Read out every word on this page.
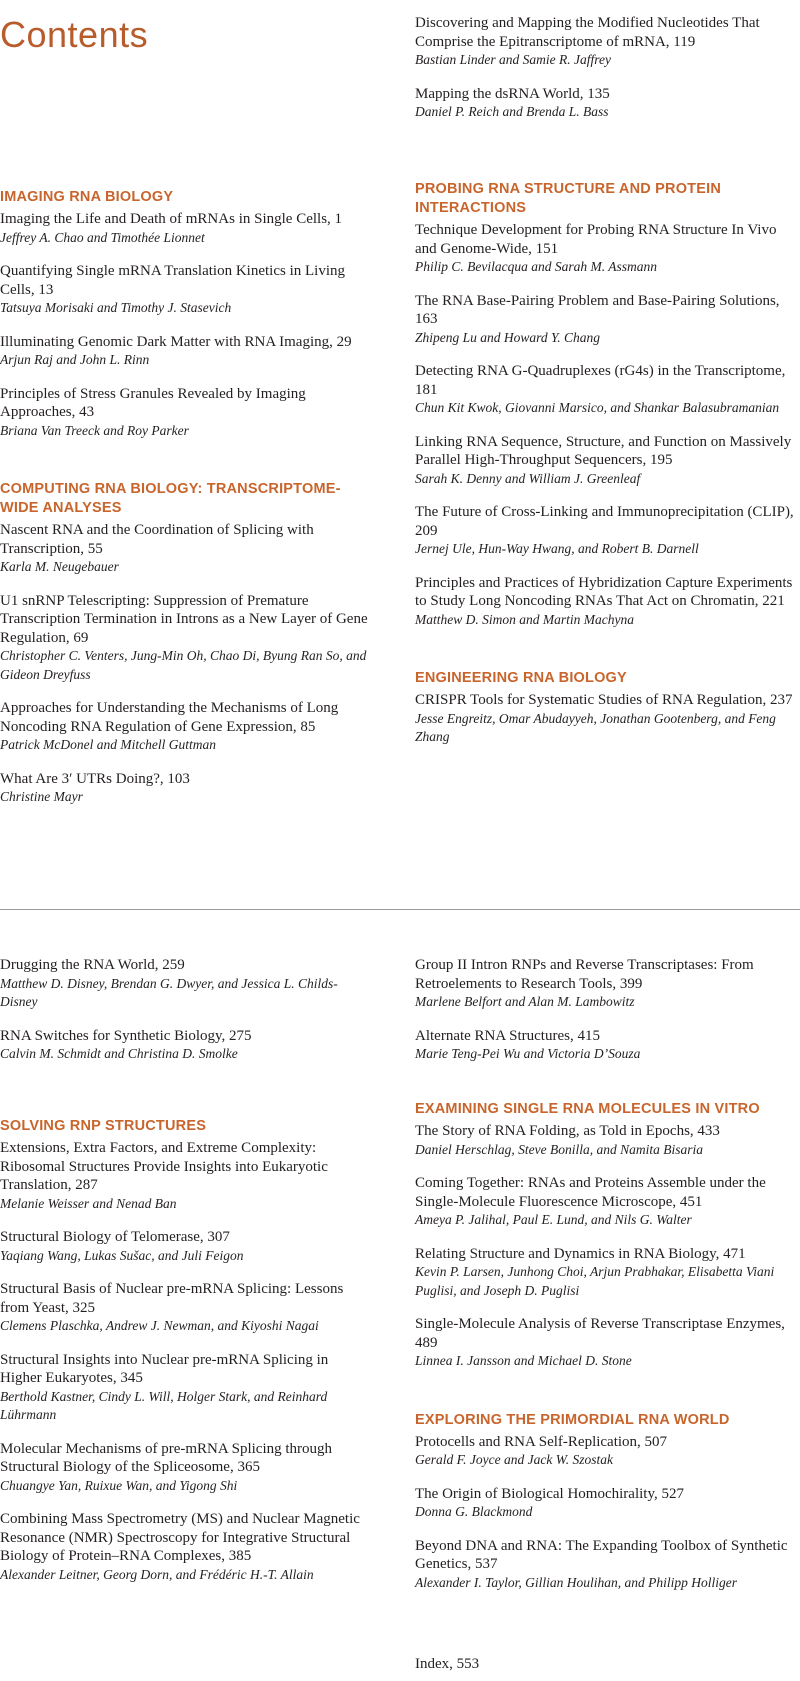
Contents	Discovering and Mapping the Modified Nucleotides That Comprise the Epitranscriptome of mRNA, 119
Bastian Linder and Samie R. Jaffrey
Mapping the dsRNA World, 135
Daniel P. Reich and Brenda L. Bass
IMAGING RNA BIOLOGY
Imaging the Life and Death of mRNAs in Single Cells, 1
Jeffrey A. Chao and Timothée Lionnet
Quantifying Single mRNA Translation Kinetics in Living Cells, 13
Tatsuya Morisaki and Timothy J. Stasevich
Illuminating Genomic Dark Matter with RNA Imaging, 29
Arjun Raj and John L. Rinn
Principles of Stress Granules Revealed by Imaging Approaches, 43
Briana Van Treeck and Roy Parker
COMPUTING RNA BIOLOGY: TRANSCRIPTOME-WIDE ANALYSES
Nascent RNA and the Coordination of Splicing with Transcription, 55
Karla M. Neugebauer
U1 snRNP Telescripting: Suppression of Premature Transcription Termination in Introns as a New Layer of Gene Regulation, 69
Christopher C. Venters, Jung-Min Oh, Chao Di, Byung Ran So, and Gideon Dreyfuss
Approaches for Understanding the Mechanisms of Long Noncoding RNA Regulation of Gene Expression, 85
Patrick McDonel and Mitchell Guttman
What Are 3′ UTRs Doing?, 103
Christine Mayr
PROBING RNA STRUCTURE AND PROTEIN INTERACTIONS
Technique Development for Probing RNA Structure In Vivo and Genome-Wide, 151
Philip C. Bevilacqua and Sarah M. Assmann
The RNA Base-Pairing Problem and Base-Pairing Solutions, 163
Zhipeng Lu and Howard Y. Chang
Detecting RNA G-Quadruplexes (rG4s) in the Transcriptome, 181
Chun Kit Kwok, Giovanni Marsico, and Shankar Balasubramanian
Linking RNA Sequence, Structure, and Function on Massively Parallel High-Throughput Sequencers, 195
Sarah K. Denny and William J. Greenleaf
The Future of Cross-Linking and Immunoprecipitation (CLIP), 209
Jernej Ule, Hun-Way Hwang, and Robert B. Darnell
Principles and Practices of Hybridization Capture Experiments to Study Long Noncoding RNAs That Act on Chromatin, 221
Matthew D. Simon and Martin Machyna
ENGINEERING RNA BIOLOGY
CRISPR Tools for Systematic Studies of RNA Regulation, 237
Jesse Engreitz, Omar Abudayyeh, Jonathan Gootenberg, and Feng Zhang
Drugging the RNA World, 259
Matthew D. Disney, Brendan G. Dwyer, and Jessica L. Childs-Disney
RNA Switches for Synthetic Biology, 275
Calvin M. Schmidt and Christina D. Smolke
SOLVING RNP STRUCTURES
Extensions, Extra Factors, and Extreme Complexity: Ribosomal Structures Provide Insights into Eukaryotic Translation, 287
Melanie Weisser and Nenad Ban
Structural Biology of Telomerase, 307
Yaqiang Wang, Lukas Sušac, and Juli Feigon
Structural Basis of Nuclear pre-mRNA Splicing: Lessons from Yeast, 325
Clemens Plaschka, Andrew J. Newman, and Kiyoshi Nagai
Structural Insights into Nuclear pre-mRNA Splicing in Higher Eukaryotes, 345
Berthold Kastner, Cindy L. Will, Holger Stark, and Reinhard Lührmann
Molecular Mechanisms of pre-mRNA Splicing through Structural Biology of the Spliceosome, 365
Chuangye Yan, Ruixue Wan, and Yigong Shi
Combining Mass Spectrometry (MS) and Nuclear Magnetic Resonance (NMR) Spectroscopy for Integrative Structural Biology of Protein–RNA Complexes, 385
Alexander Leitner, Georg Dorn, and Frédéric H.-T. Allain
Group II Intron RNPs and Reverse Transcriptases: From Retroelements to Research Tools, 399
Marlene Belfort and Alan M. Lambowitz
Alternate RNA Structures, 415
Marie Teng-Pei Wu and Victoria D’Souza
EXAMINING SINGLE RNA MOLECULES IN VITRO
The Story of RNA Folding, as Told in Epochs, 433
Daniel Herschlag, Steve Bonilla, and Namita Bisaria
Coming Together: RNAs and Proteins Assemble under the Single-Molecule Fluorescence Microscope, 451
Ameya P. Jalihal, Paul E. Lund, and Nils G. Walter
Relating Structure and Dynamics in RNA Biology, 471
Kevin P. Larsen, Junhong Choi, Arjun Prabhakar, Elisabetta Viani Puglisi, and Joseph D. Puglisi
Single-Molecule Analysis of Reverse Transcriptase Enzymes, 489
Linnea I. Jansson and Michael D. Stone
EXPLORING THE PRIMORDIAL RNA WORLD
Protocells and RNA Self-Replication, 507
Gerald F. Joyce and Jack W. Szostak
The Origin of Biological Homochirality, 527
Donna G. Blackmond
Beyond DNA and RNA: The Expanding Toolbox of Synthetic Genetics, 537
Alexander I. Taylor, Gillian Houlihan, and Philipp Holliger
Index, 553
